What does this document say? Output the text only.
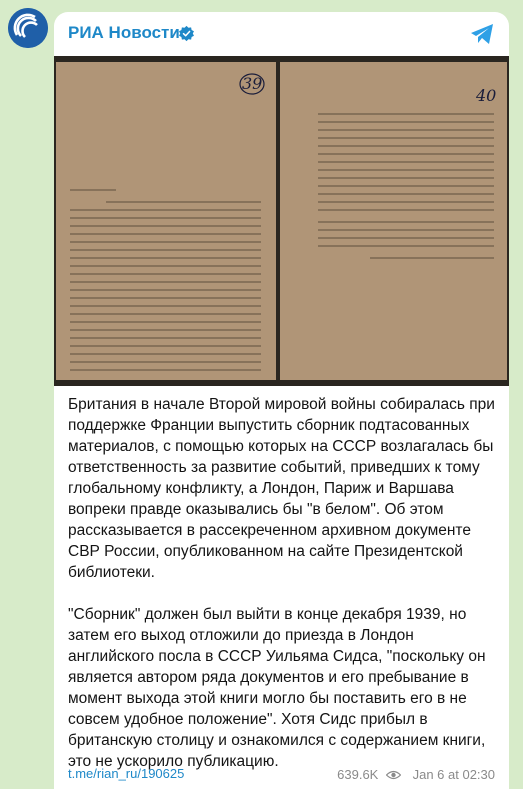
РИА Новости
39
40

Британия в начале Второй мировой войны собиралась при поддержке Франции выпустить сборник подтасованных материалов, с помощью которых на СССР возлагалась бы ответственность за развитие событий, приведших к тому глобальному конфликту, а Лондон, Париж и Варшава вопреки правде оказывались бы "в белом". Об этом рассказывается в рассекреченном архивном документе СВР России, опубликованном на сайте Президентской библиотеки.

"Сборник" должен был выйти в конце декабря 1939, но затем его выход отложили до приезда в Лондон английского посла в СССР Уильяма Сидса, "поскольку он является автором ряда документов и его пребывание в момент выхода этой книги могло бы поставить его в не совсем удобное положение". Хотя Сидс прибыл в британскую столицу и ознакомился с содержанием книги, это не ускорило публикацию.

t.me/rian_ru/190625	639.6K	Jan 6 at 02:30
